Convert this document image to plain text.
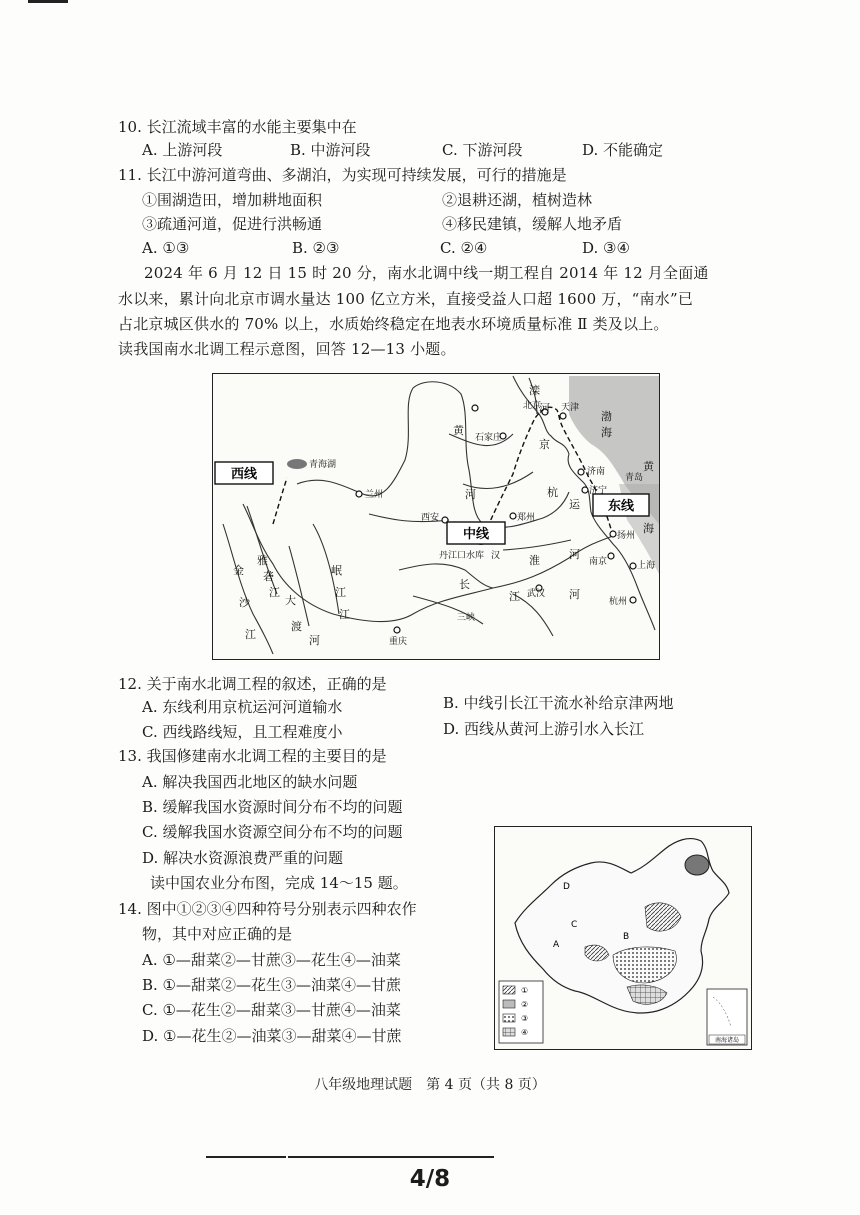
10. 长江流域丰富的水能主要集中在
A. 上游河段	B. 中游河段	C. 下游河段	D. 不能确定
11. 长江中游河道弯曲、多湖泊，为实现可持续发展，可行的措施是
①围湖造田，增加耕地面积	②退耕还湖，植树造林
③疏通河道，促进行洪畅通	④移民建镇，缓解人地矛盾
A. ①③	B. ②③	C. ②④	D. ③④
2024 年 6 月 12 日 15 时 20 分，南水北调中线一期工程自 2014 年 12 月全面通
水以来，累计向北京市调水量达 100 亿立方米，直接受益人口超 1600 万，“南水”已
占北京城区供水的 70% 以上，水质始终稳定在地表水环境质量标准 Ⅱ 类及以上。
读我国南水北调工程示意图，回答 12—13 小题。
西线
中线
东线
青海湖
兰州
西安	郑州
北京 天津
石家庄
济南
济宁
青岛
扬州
南京	上海
杭州
武汉
重庆
丹江口水库 汉
三峡
渤
海
黄
海
滦
河
黄
河
京
杭
运
河
长
江
淮
河
雅
砻
江
金
沙
江
大
渡
河
岷
江
江
12. 关于南水北调工程的叙述，正确的是
A. 东线利用京杭运河河道输水	B. 中线引长江干流水补给京津两地
C. 西线路线短，且工程难度小	D. 西线从黄河上游引水入长江
13. 我国修建南水北调工程的主要目的是
A. 解决我国西北地区的缺水问题
B. 缓解我国水资源时间分布不均的问题
C. 缓解我国水资源空间分布不均的问题
D. 解决水资源浪费严重的问题
读中国农业分布图，完成 14～15 题。
14. 图中①②③④四种符号分别表示四种农作
物，其中对应正确的是
A. ①—甜菜②—甘蔗③—花生④—油菜
B. ①—甜菜②—花生③—油菜④—甘蔗
C. ①—花生②—甜菜③—甘蔗④—油菜
D. ①—花生②—油菜③—甜菜④—甘蔗
D
C
B
A
①
②
③
④
南海诸岛
八年级地理试题　第 4 页（共 8 页）
4/8
